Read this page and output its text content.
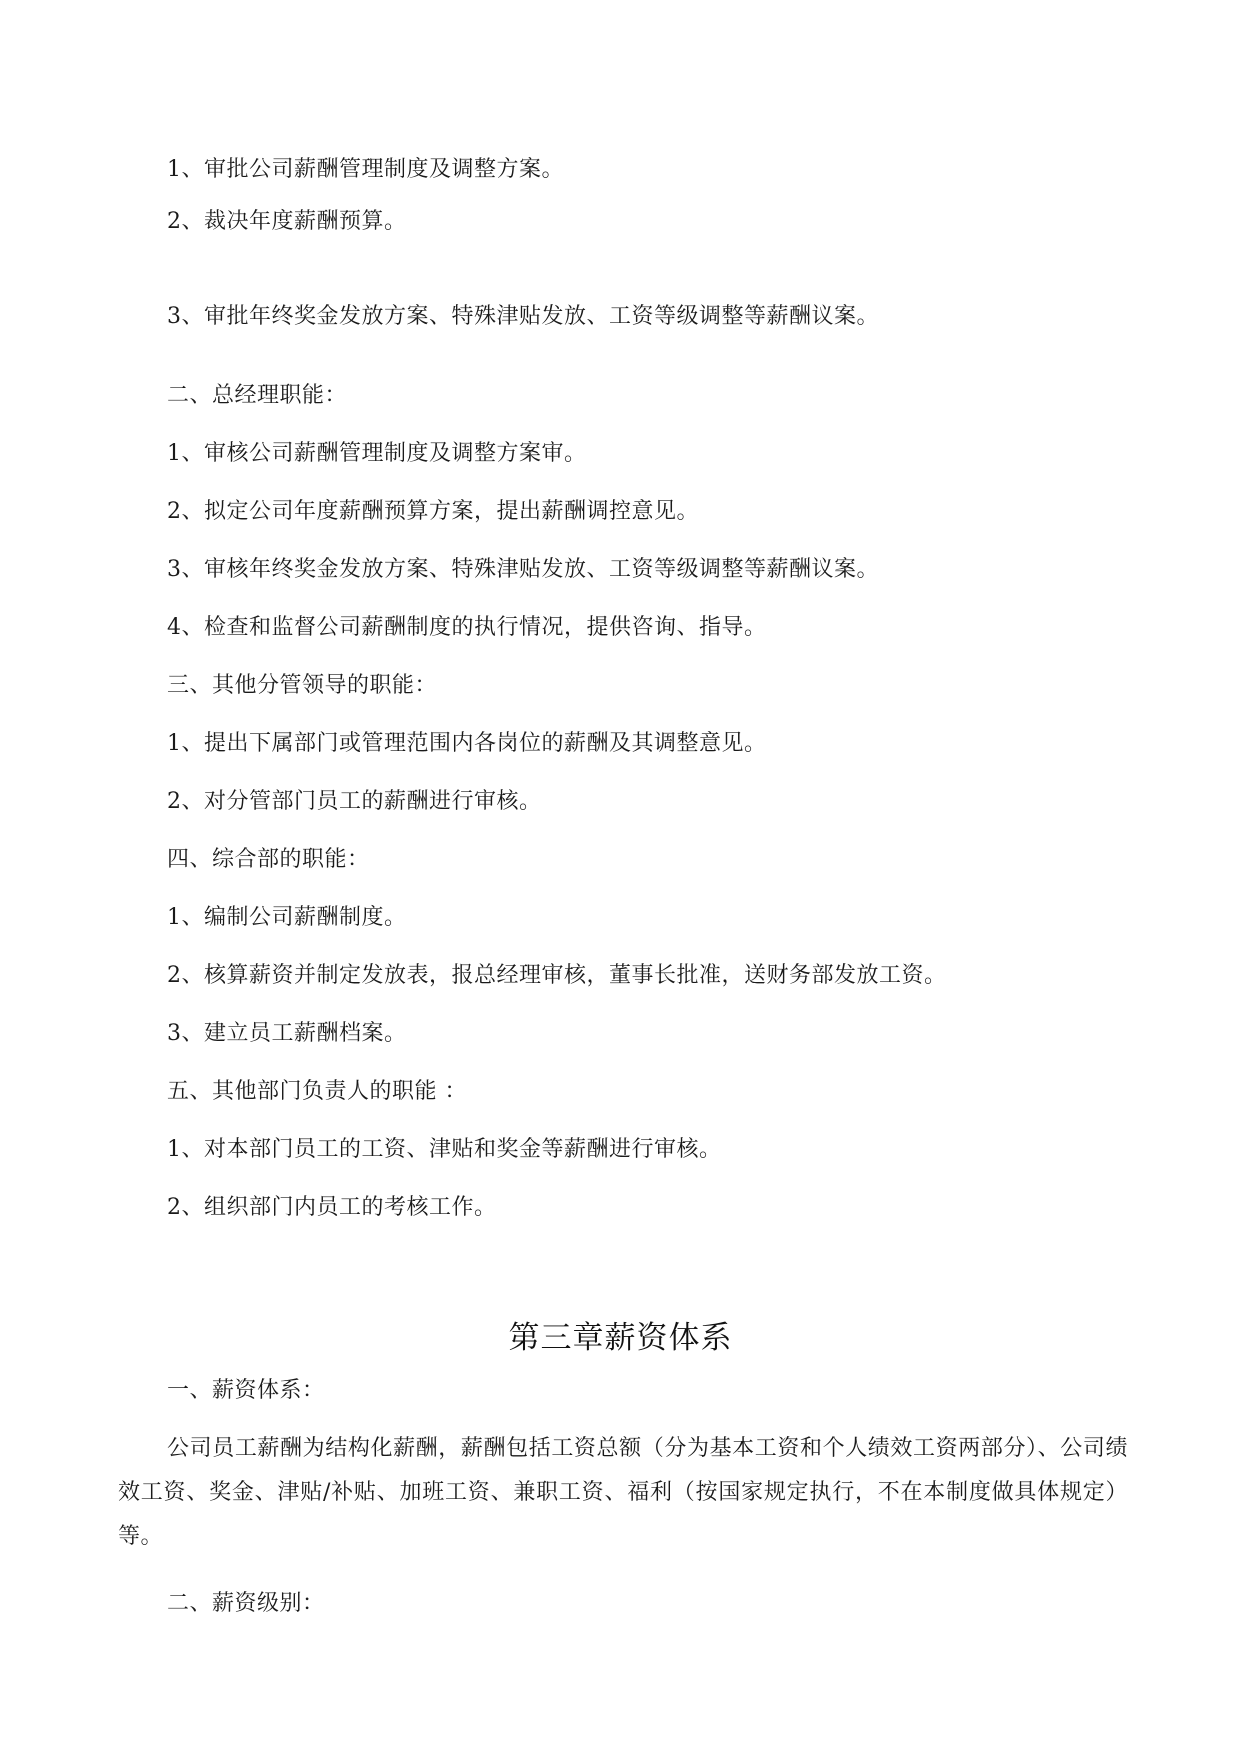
1、审批公司薪酬管理制度及调整方案。
2、裁决年度薪酬预算。
3、审批年终奖金发放方案、特殊津贴发放、工资等级调整等薪酬议案。
二、总经理职能：
1、审核公司薪酬管理制度及调整方案审。
2、拟定公司年度薪酬预算方案，提出薪酬调控意见。
3、审核年终奖金发放方案、特殊津贴发放、工资等级调整等薪酬议案。
4、检查和监督公司薪酬制度的执行情况，提供咨询、指导。
三、其他分管领导的职能：
1、提出下属部门或管理范围内各岗位的薪酬及其调整意见。
2、对分管部门员工的薪酬进行审核。
四、综合部的职能：
1、编制公司薪酬制度。
2、核算薪资并制定发放表，报总经理审核，董事长批准，送财务部发放工资。
3、建立员工薪酬档案。
五、其他部门负责人的职能 ：
1、对本部门员工的工资、津贴和奖金等薪酬进行审核。
2、组织部门内员工的考核工作。
第三章薪资体系
一、薪资体系：
公司员工薪酬为结构化薪酬，薪酬包括工资总额（分为基本工资和个人绩效工资两部分）、公司绩效工资、奖金、津贴/补贴、加班工资、兼职工资、福利（按国家规定执行，不在本制度做具体规定）等。
二、薪资级别：
